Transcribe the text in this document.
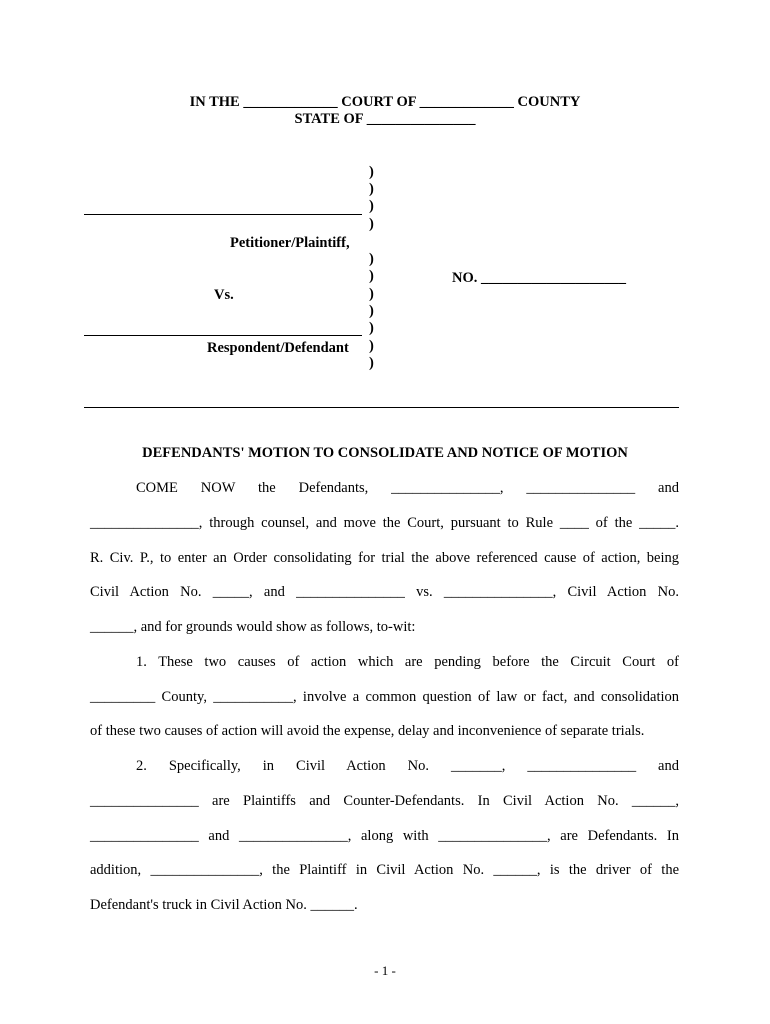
IN THE _____________ COURT OF _____________ COUNTY
STATE OF _______________
)
)
)
)
)
)
)
)
)
)
)
Petitioner/Plaintiff,
Vs.
Respondent/Defendant
NO. ____________________
DEFENDANTS' MOTION TO CONSOLIDATE AND NOTICE OF MOTION
COME NOW the Defendants, _______________, _______________ and
_______________, through counsel, and move the Court, pursuant to Rule ____ of the _____.
R. Civ. P., to enter an Order consolidating for trial the above referenced cause of action, being
Civil Action No. _____, and _______________ vs. _______________, Civil Action No.
______, and for grounds would show as follows, to-wit:
1. These two causes of action which are pending before the Circuit Court of
_________ County, ___________, involve a common question of law or fact, and consolidation
of these two causes of action will avoid the expense, delay and inconvenience of separate trials.
2. Specifically, in Civil Action No. _______, _______________ and
_______________ are Plaintiffs and Counter-Defendants. In Civil Action No. ______,
_______________ and _______________, along with _______________, are Defendants. In
addition, _______________, the Plaintiff in Civil Action No. ______, is the driver of the
Defendant's truck in Civil Action No. ______.
- 1 -
